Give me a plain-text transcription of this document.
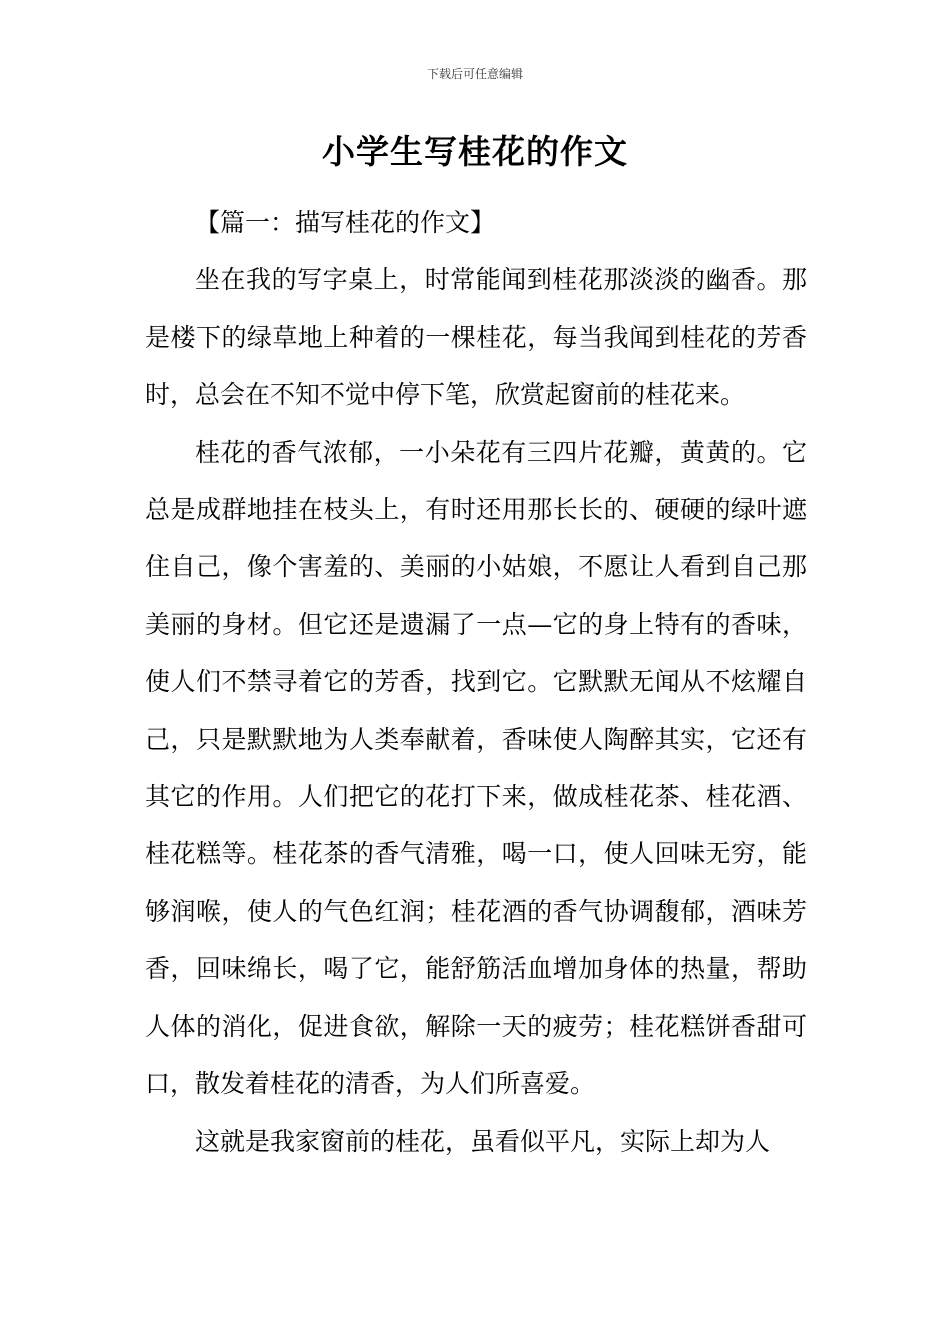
下载后可任意编辑
小学生写桂花的作文
【篇一：描写桂花的作文】

坐在我的写字桌上，时常能闻到桂花那淡淡的幽香。那是楼下的绿草地上种着的一棵桂花，每当我闻到桂花的芳香时，总会在不知不觉中停下笔，欣赏起窗前的桂花来。

桂花的香气浓郁，一小朵花有三四片花瓣，黄黄的。它总是成群地挂在枝头上，有时还用那长长的、硬硬的绿叶遮住自己，像个害羞的、美丽的小姑娘，不愿让人看到自己那美丽的身材。但它还是遗漏了一点—它的身上特有的香味，使人们不禁寻着它的芳香，找到它。它默默无闻从不炫耀自己，只是默默地为人类奉献着，香味使人陶醉其实，它还有其它的作用。人们把它的花打下来，做成桂花茶、桂花酒、桂花糕等。桂花茶的香气清雅，喝一口，使人回味无穷，能够润喉，使人的气色红润；桂花酒的香气协调馥郁，酒味芳香，回味绵长，喝了它，能舒筋活血增加身体的热量，帮助人体的消化，促进食欲，解除一天的疲劳；桂花糕饼香甜可口，散发着桂花的清香，为人们所喜爱。

这就是我家窗前的桂花，虽看似平凡，实际上却为人
